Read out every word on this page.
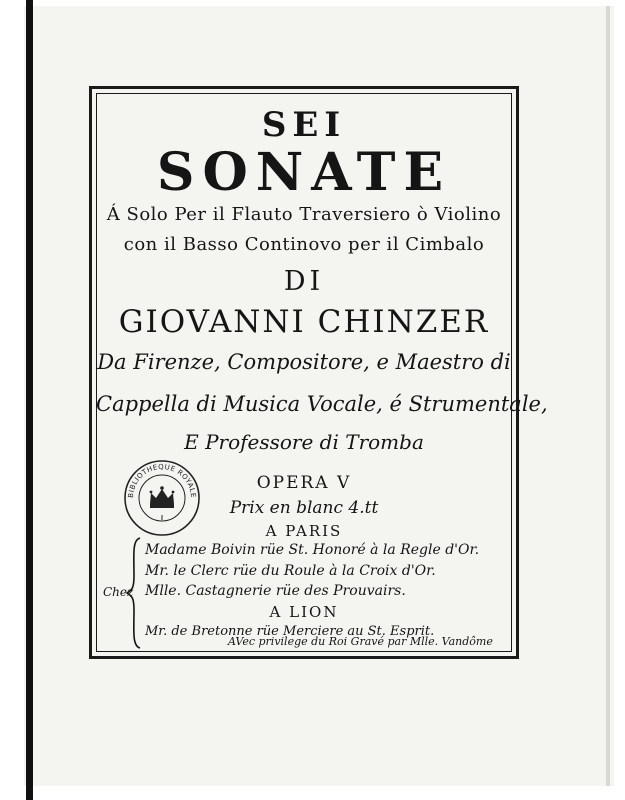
SEI
SONATE
Á Solo Per il Flauto Traversiero ò Violino
con il Basso Continovo per il Cimbalo
DI
GIOVANNI CHINZER
Da Firenze, Compositore, e Maestro di
Cappella di Musica Vocale, é Strumentale,
E Professore di Tromba
OPERA V
Prix en blanc 4.tt
A PARIS
Madame Boivin rüe St. Honoré à la Regle d'Or.
Mr. le Clerc rüe du Roule à la Croix d'Or.
Chez Mlle. Castagnerie rüe des Prouvairs.
A LION
Mr. de Bretonne rüe Merciere au St. Esprit.
AVec privilege du Roi Gravé par Mlle. Vandôme
BIBLIOTHEQUE ROYALE
